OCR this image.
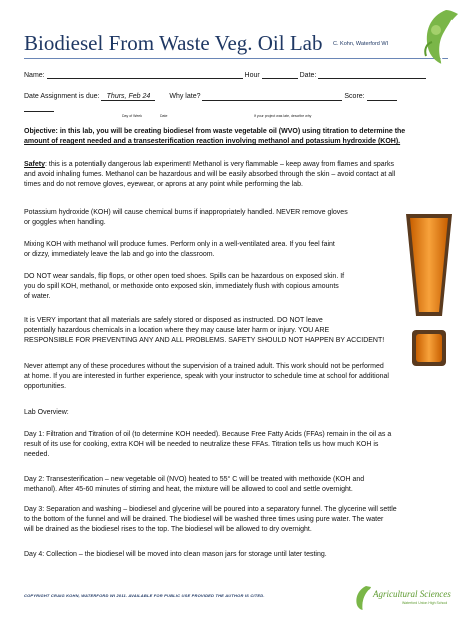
Biodiesel From Waste Veg. Oil Lab C. Kohn, Waterford WI
Name:	Hour	Date:
Date Assignment is due: Thurs, Feb 24	Why late?	Score:
Day of Week	Date	If your project was late, describe why
Objective: in this lab, you will be creating biodiesel from waste vegetable oil (WVO) using titration to determine the
amount of reagent needed and a transesterification reaction involving methanol and potassium hydroxide (KOH).
Safety: this is a potentially dangerous lab experiment! Methanol is very flammable – keep away from flames and sparks
and avoid inhaling fumes. Methanol can be hazardous and will be easily absorbed through the skin – avoid contact at all
times and do not remove gloves, eyewear, or aprons at any point while performing the lab.
Potassium hydroxide (KOH) will cause chemical burns if inappropriately handled. NEVER remove gloves
or goggles when handling.
Mixing KOH with methanol will produce fumes. Perform only in a well-ventilated area. If you feel faint
or dizzy, immediately leave the lab and go into the classroom.
DO NOT wear sandals, flip flops, or other open toed shoes. Spills can be hazardous on exposed skin. If
you do spill KOH, methanol, or methoxide onto exposed skin, immediately flush with copious amounts
of water.
It is VERY important that all materials are safely stored or disposed as instructed. DO NOT leave
potentially hazardous chemicals in a location where they may cause later harm or injury. YOU ARE
RESPONSIBLE FOR PREVENTING ANY AND ALL PROBLEMS. SAFETY SHOULD NOT HAPPEN BY ACCIDENT!
Never attempt any of these procedures without the supervision of a trained adult. This work should not be performed
at home. If you are interested in further experience, speak with your instructor to schedule time at school for additional
opportunities.
Lab Overview:
Day 1: Filtration and Titration of oil (to determine KOH needed). Because Free Fatty Acids (FFAs) remain in the oil as a
result of its use for cooking, extra KOH will be needed to neutralize these FFAs. Titration tells us how much KOH is
needed.
Day 2: Transesterification – new vegetable oil (NVO) heated to 55° C will be treated with methoxide (KOH and
methanol). After 45-60 minutes of stirring and heat, the mixture will be allowed to cool and settle overnight.
Day 3: Separation and washing – biodiesel and glycerine will be poured into a separatory funnel. The glycerine will settle
to the bottom of the funnel and will be drained. The biodiesel will be washed three times using pure water. The water
will be drained as the biodiesel rises to the top. The biodiesel will be allowed to dry overnight.
Day 4: Collection – the biodiesel will be moved into clean mason jars for storage until later testing.
COPYRIGHT CRAIG KOHN, WATERFORD WI 2011. AVAILABLE FOR PUBLIC USE PROVIDED THE AUTHOR IS CITED.	Agricultural Sciences
Waterford Union High School
